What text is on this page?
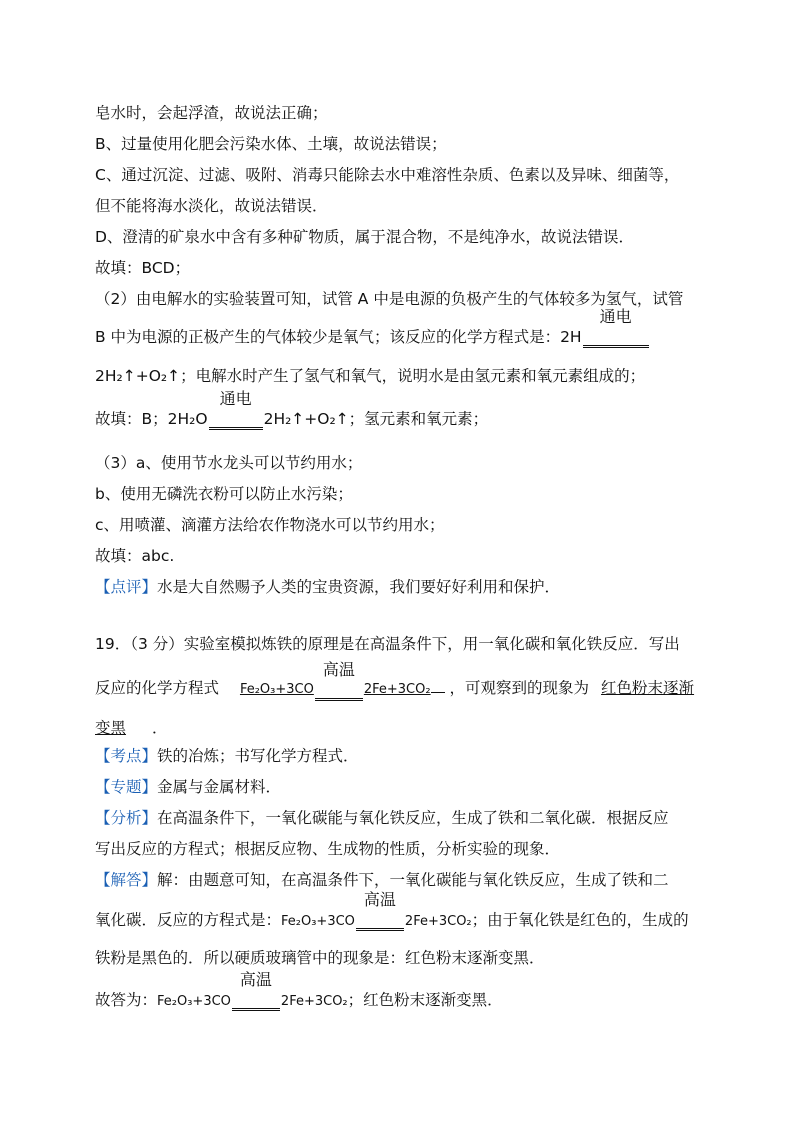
皂水时，会起浮渣，故说法正确；
B、过量使用化肥会污染水体、土壤，故说法错误；
C、通过沉淀、过滤、吸附、消毒只能除去水中难溶性杂质、色素以及异味、细菌等，
但不能将海水淡化，故说法错误．
D、澄清的矿泉水中含有多种矿物质，属于混合物，不是纯净水，故说法错误．
故填：BCD；
（2）由电解水的实验装置可知，试管 A 中是电源的负极产生的气体较多为氢气，试管
B 中为电源的正极产生的气体较少是氧气；该反应的化学方程式是：2H
通电
2H₂↑+O₂↑；电解水时产生了氢气和氧气，说明水是由氢元素和氧元素组成的；
故填：B；2H₂O
通电
2H₂↑+O₂↑；氢元素和氧元素；
（3）a、使用节水龙头可以节约用水；
b、使用无磷洗衣粉可以防止水污染；
c、用喷灌、滴灌方法给农作物浇水可以节约用水；
故填：abc.
【点评】水是大自然赐予人类的宝贵资源，我们要好好利用和保护．
19．（3 分）实验室模拟炼铁的原理是在高温条件下，用一氧化碳和氧化铁反应．写出
反应的化学方程式 Fe₂O₃+3CO
高温
2Fe+3CO₂ ，可观察到的现象为 红色粉末逐渐
变黑 ．
【考点】铁的冶炼；书写化学方程式．
【专题】金属与金属材料．
【分析】在高温条件下，一氧化碳能与氧化铁反应，生成了铁和二氧化碳．根据反应
写出反应的方程式；根据反应物、生成物的性质，分析实验的现象．
【解答】解：由题意可知，在高温条件下，一氧化碳能与氧化铁反应，生成了铁和二
氧化碳．反应的方程式是：Fe₂O₃+3CO
高温
2Fe+3CO₂；由于氧化铁是红色的，生成的
铁粉是黑色的．所以硬质玻璃管中的现象是：红色粉末逐渐变黑．
故答为：Fe₂O₃+3CO
高温
2Fe+3CO₂；红色粉末逐渐变黑．
